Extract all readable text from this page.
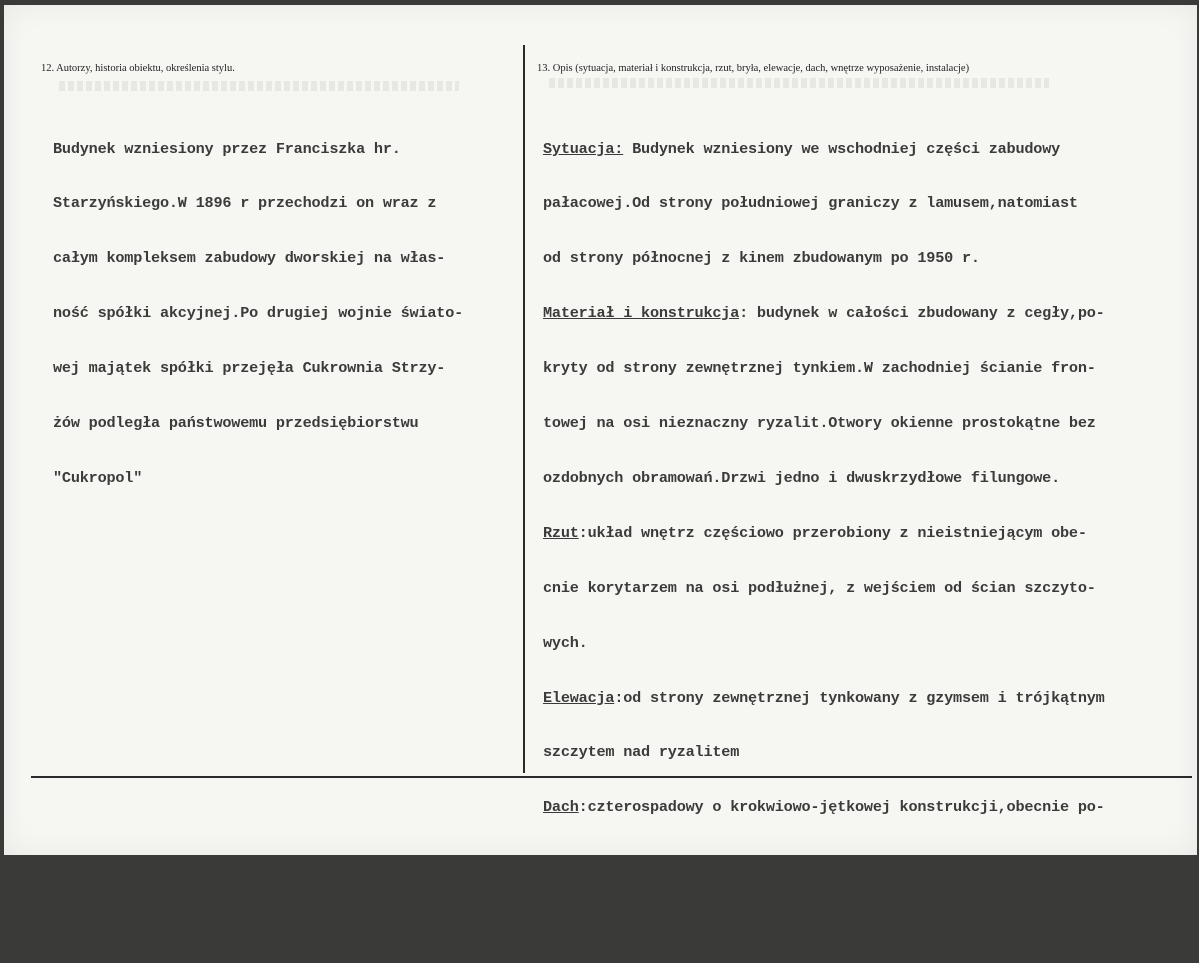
12. Autorzy, historia obiektu, określenia stylu.	13. Opis (sytuacja, materiał i konstrukcja, rzut, bryła, elewacje, dach, wnętrze wyposażenie, instalacje)

Budynek wzniesiony przez Franciszka hr.

Starzyńskiego.W 1896 r przechodzi on wraz z

całym kompleksem zabudowy dworskiej na włas-

ność spółki akcyjnej.Po drugiej wojnie świato-

wej majątek spółki przejęła Cukrownia Strzy-

żów podległa państwowemu przedsiębiorstwu

"Cukropol"

Sytuacja: Budynek wzniesiony we wschodniej części zabudowy

pałacowej.Od strony południowej graniczy z lamusem,natomiast

od strony północnej z kinem zbudowanym po 1950 r.

Materiał i konstrukcja: budynek w całości zbudowany z cegły,po-

kryty od strony zewnętrznej tynkiem.W zachodniej ścianie fron-

towej na osi nieznaczny ryzalit.Otwory okienne prostokątne bez

ozdobnych obramowań.Drzwi jedno i dwuskrzydłowe filungowe.

Rzut:układ wnętrz częściowo przerobiony z nieistniejącym obe-

cnie korytarzem na osi podłużnej, z wejściem od ścian szczyto-

wych.

Elewacja:od strony zewnętrznej tynkowany z gzymsem i trójkątnym

szczytem nad ryzalitem

Dach:czterospadowy o krokwiowo-jętkowej konstrukcji,obecnie po-

kryty papą,dawniej gontem.Piętki krokwi oparte o belki stropo-

we.
